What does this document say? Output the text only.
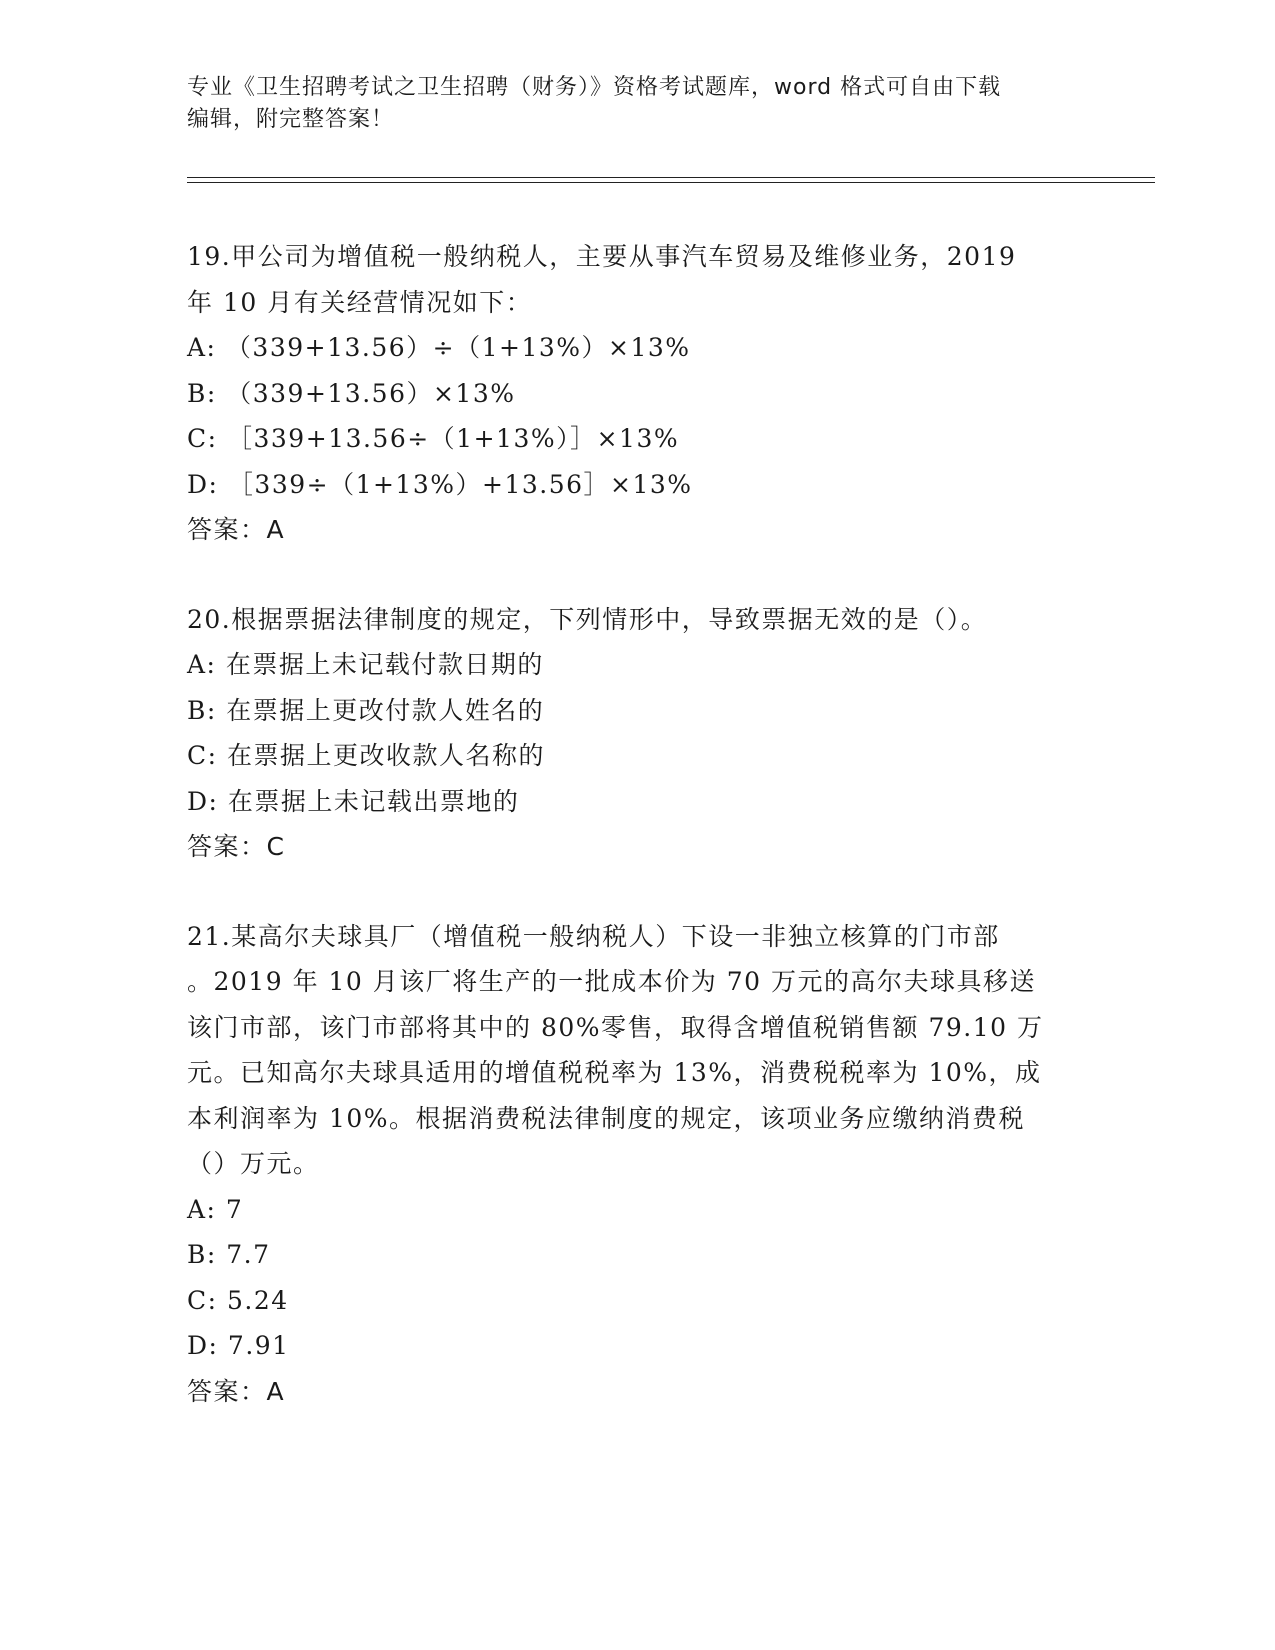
专业《卫生招聘考试之卫生招聘（财务）》资格考试题库，word 格式可自由下载
编辑，附完整答案！
19.甲公司为增值税一般纳税人，主要从事汽车贸易及维修业务，2019
年 10 月有关经营情况如下：
A: （339+13.56）÷（1+13%）×13%
B: （339+13.56）×13%
C: ［339+13.56÷（1+13%）］×13%
D: ［339÷（1+13%）+13.56］×13%
答案：A
20.根据票据法律制度的规定，下列情形中，导致票据无效的是（）。
A: 在票据上未记载付款日期的
B: 在票据上更改付款人姓名的
C: 在票据上更改收款人名称的
D: 在票据上未记载出票地的
答案：C
21.某高尔夫球具厂（增值税一般纳税人）下设一非独立核算的门市部
。2019 年 10 月该厂将生产的一批成本价为 70 万元的高尔夫球具移送
该门市部，该门市部将其中的 80%零售，取得含增值税销售额 79.10 万
元。已知高尔夫球具适用的增值税税率为 13%，消费税税率为 10%，成
本利润率为 10%。根据消费税法律制度的规定，该项业务应缴纳消费税
（）万元。
A: 7
B: 7.7
C: 5.24
D: 7.91
答案：A
